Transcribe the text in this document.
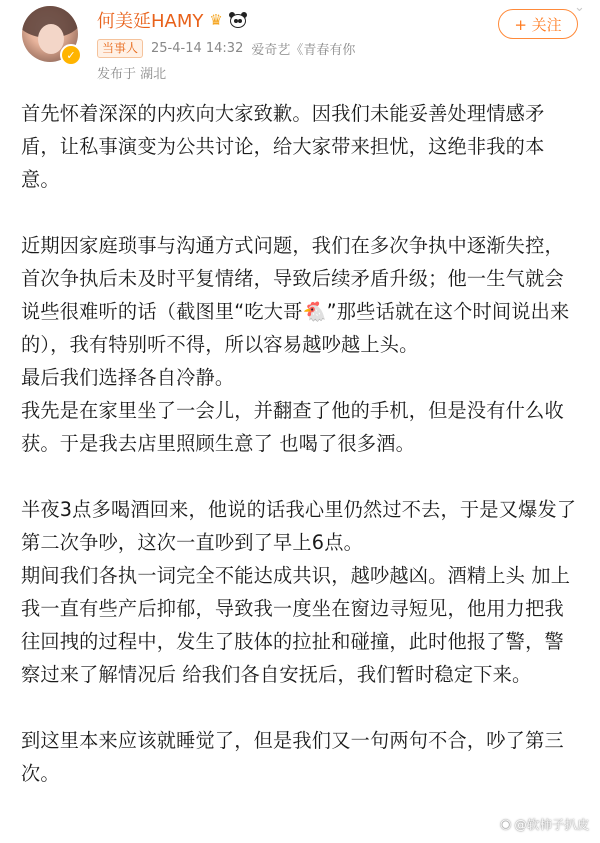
✓
何美延HAMY ♛
当事人	25-4-14 14:32 爱奇艺《青春有你
发布于 湖北
+ 关注
⌄

首先怀着深深的内疚向大家致歉。因我们未能妥善处理情感矛盾，让私事演变为公共讨论，给大家带来担忧，这绝非我的本意。

近期因家庭琐事与沟通方式问题，我们在多次争执中逐渐失控，首次争执后未及时平复情绪，导致后续矛盾升级；他一生气就会说些很难听的话（截图里“吃大哥🐔”那些话就在这个时间说出来的），我有特别听不得，所以容易越吵越上头。

最后我们选择各自冷静。

我先是在家里坐了一会儿，并翻查了他的手机，但是没有什么收获。于是我去店里照顾生意了 也喝了很多酒。

半夜3点多喝酒回来，他说的话我心里仍然过不去，于是又爆发了第二次争吵，这次一直吵到了早上6点。

期间我们各执一词完全不能达成共识，越吵越凶。酒精上头 加上我一直有些产后抑郁，导致我一度坐在窗边寻短见，他用力把我往回拽的过程中，发生了肢体的拉扯和碰撞，此时他报了警，警察过来了解情况后 给我们各自安抚后，我们暂时稳定下来。

到这里本来应该就睡觉了，但是我们又一句两句不合，吵了第三次。

◉ @软柿子扒皮
